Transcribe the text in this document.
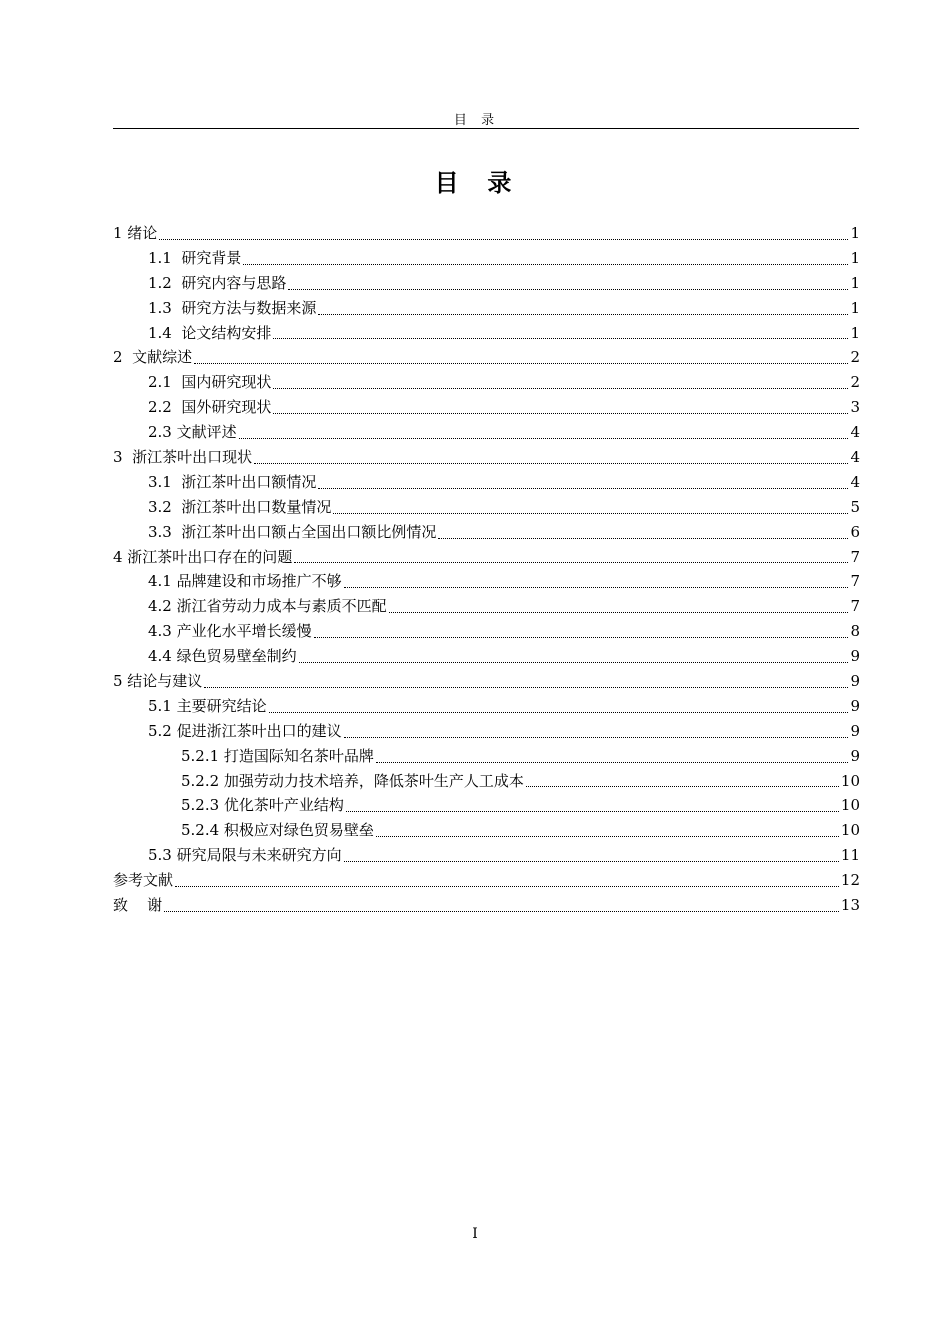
目  录
目  录
1 绪论	1
1.1  研究背景	1
1.2  研究内容与思路	1
1.3  研究方法与数据来源	1
1.4  论文结构安排	1
2  文献综述	2
2.1  国内研究现状	2
2.2  国外研究现状	3
2.3 文献评述	4
3  浙江茶叶出口现状	4
3.1  浙江茶叶出口额情况	4
3.2  浙江茶叶出口数量情况	5
3.3  浙江茶叶出口额占全国出口额比例情况	6
4 浙江茶叶出口存在的问题	7
4.1 品牌建设和市场推广不够	7
4.2 浙江省劳动力成本与素质不匹配	7
4.3 产业化水平增长缓慢	8
4.4 绿色贸易壁垒制约	9
5 结论与建议	9
5.1 主要研究结论	9
5.2 促进浙江茶叶出口的建议	9
5.2.1 打造国际知名茶叶品牌	9
5.2.2 加强劳动力技术培养，降低茶叶生产人工成本	10
5.2.3 优化茶叶产业结构	10
5.2.4 积极应对绿色贸易壁垒	10
5.3 研究局限与未来研究方向	11
参考文献	12
致    谢	13
I
